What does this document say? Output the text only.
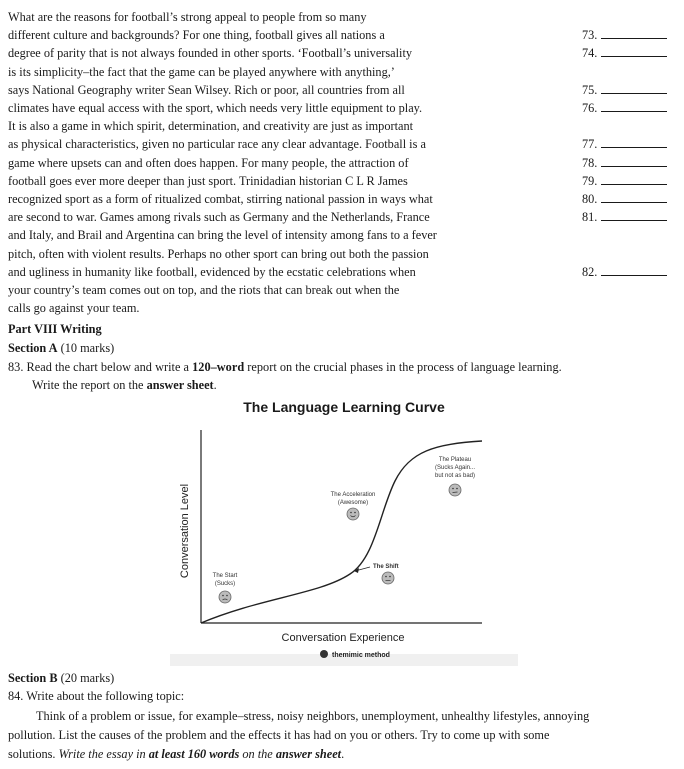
What are the reasons for football’s strong appeal to people from so many
different culture and backgrounds? For one thing, football gives all nations a	73.
degree of parity that is not always founded in other sports. ‘Football’s universality	74.
is its simplicity–the fact that the game can be played anywhere with anything,’
says National Geography writer Sean Wilsey. Rich or poor, all countries from all	75.
climates have equal access with the sport, which needs very little equipment to play.	76.
It is also a game in which spirit, determination, and creativity are just as important
as physical characteristics, given no particular race any clear advantage. Football is a	77.
game where upsets can and often does happen. For many people, the attraction of	78.
football goes ever more deeper than just sport. Trinidadian historian C L R James	79.
recognized sport as a form of ritualized combat, stirring national passion in ways what	80.
are second to war. Games among rivals such as Germany and the Netherlands, France	81.
and Italy, and Brail and Argentina can bring the level of intensity among fans to a fever
pitch, often with violent results. Perhaps no other sport can bring out both the passion
and ugliness in humanity like football, evidenced by the ecstatic celebrations when	82.
your country’s team comes out on top, and the riots that can break out when the
calls go against your team.
Part VIII Writing
Section A (10 marks)
83. Read the chart below and write a 120–word report on the crucial phases in the process of language learning.
Write the report on the answer sheet.
The Language Learning Curve
Conversation Level
Conversation Experience
The Start
(Sucks)
The Acceleration
(Awesome)
The Shift
The Plateau
(Sucks Again...
but not as bad)
themimic method
Section B (20 marks)
84. Write about the following topic:
Think of a problem or issue, for example–stress, noisy neighbors, unemployment, unhealthy lifestyles, annoying
pollution. List the causes of the problem and the effects it has had on you or others. Try to come up with some
solutions. Write the essay in at least 160 words on the answer sheet.
